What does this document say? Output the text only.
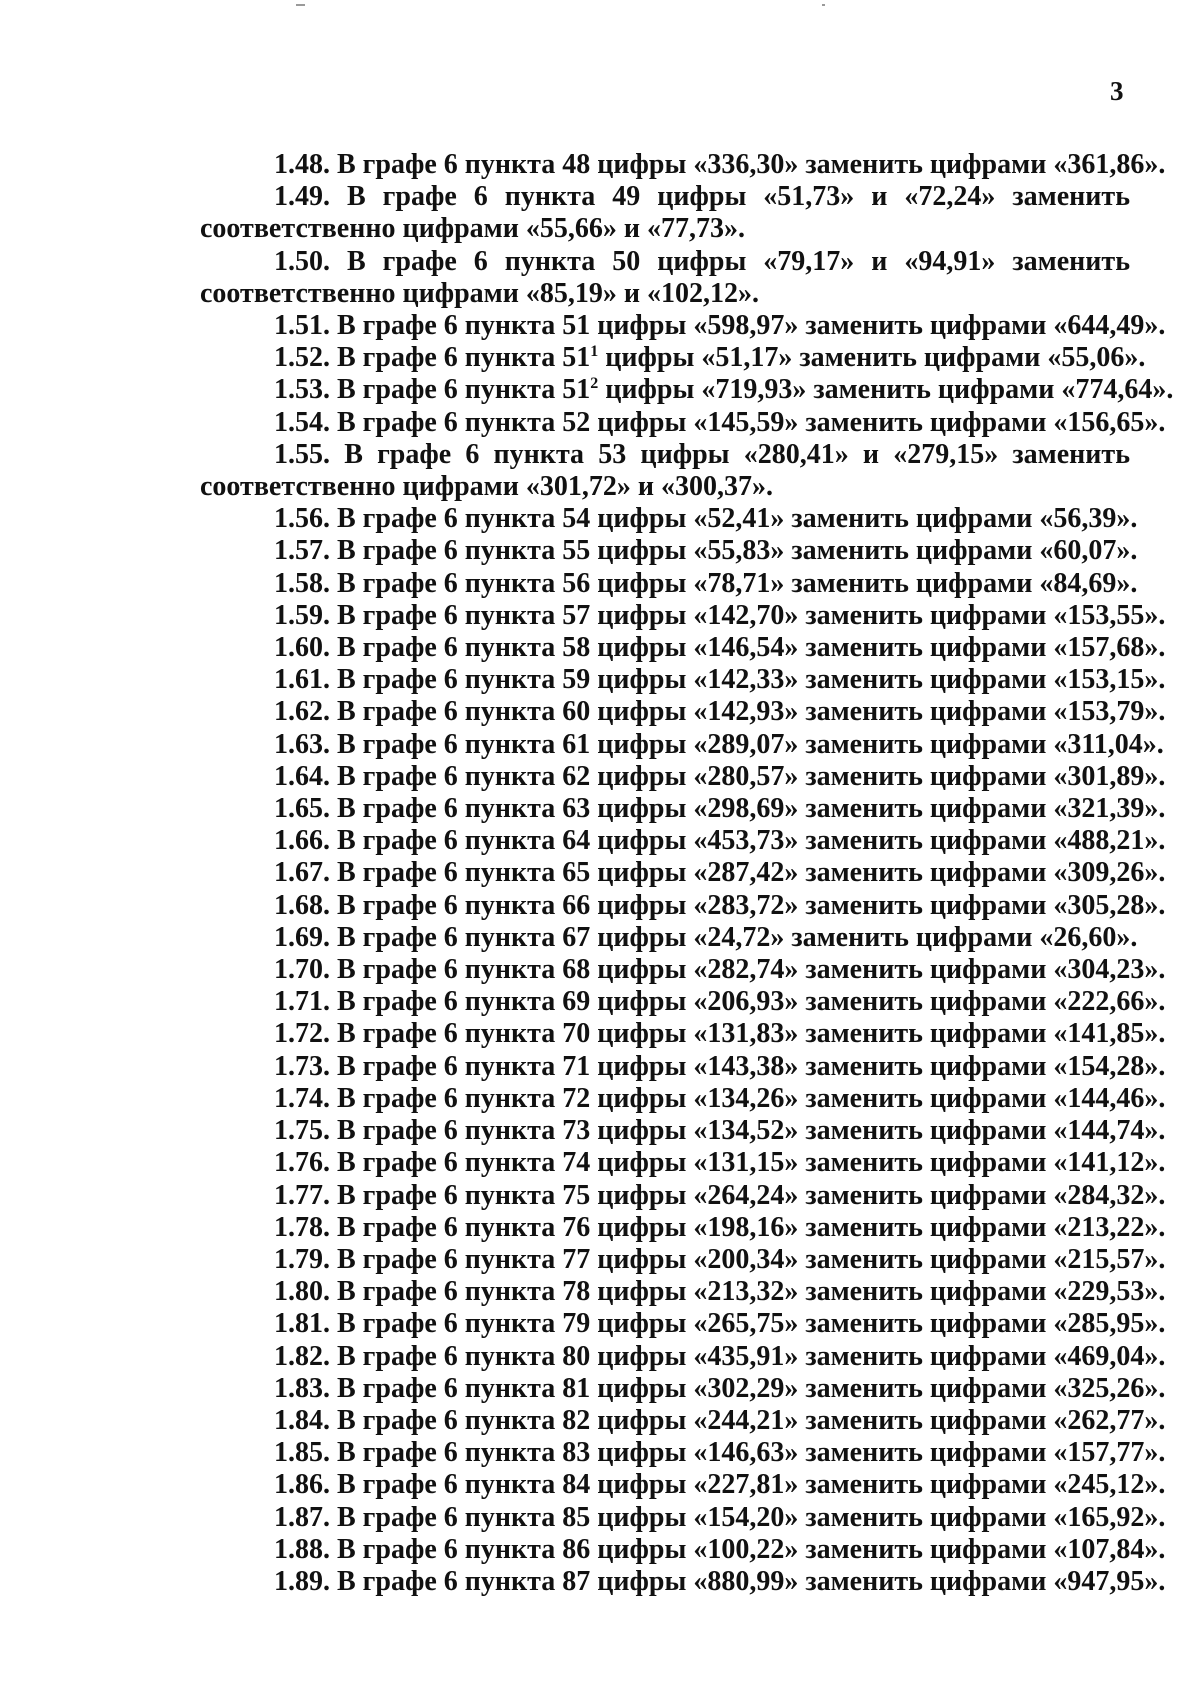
3

1.48. В графе 6 пункта 48 цифры «336,30» заменить цифрами «361,86».

1.49. В графе 6 пункта 49 цифры «51,73» и «72,24» заменить соответственно цифрами «55,66» и «77,73».

1.50. В графе 6 пункта 50 цифры «79,17» и «94,91» заменить соответственно цифрами «85,19» и «102,12».

1.51. В графе 6 пункта 51 цифры «598,97» заменить цифрами «644,49».

1.52. В графе 6 пункта $51^1$ цифры «51,17» заменить цифрами «55,06».

1.53. В графе 6 пункта $51^2$ цифры «719,93» заменить цифрами «774,64».

1.54. В графе 6 пункта 52 цифры «145,59» заменить цифрами «156,65».

1.55. В графе 6 пункта 53 цифры «280,41» и «279,15» заменить соответственно цифрами «301,72» и «300,37».

1.56. В графе 6 пункта 54 цифры «52,41» заменить цифрами «56,39».

1.57. В графе 6 пункта 55 цифры «55,83» заменить цифрами «60,07».

1.58. В графе 6 пункта 56 цифры «78,71» заменить цифрами «84,69».

1.59. В графе 6 пункта 57 цифры «142,70» заменить цифрами «153,55».

1.60. В графе 6 пункта 58 цифры «146,54» заменить цифрами «157,68».

1.61. В графе 6 пункта 59 цифры «142,33» заменить цифрами «153,15».

1.62. В графе 6 пункта 60 цифры «142,93» заменить цифрами «153,79».

1.63. В графе 6 пункта 61 цифры «289,07» заменить цифрами «311,04».

1.64. В графе 6 пункта 62 цифры «280,57» заменить цифрами «301,89».

1.65. В графе 6 пункта 63 цифры «298,69» заменить цифрами «321,39».

1.66. В графе 6 пункта 64 цифры «453,73» заменить цифрами «488,21».

1.67. В графе 6 пункта 65 цифры «287,42» заменить цифрами «309,26».

1.68. В графе 6 пункта 66 цифры «283,72» заменить цифрами «305,28».

1.69. В графе 6 пункта 67 цифры «24,72» заменить цифрами «26,60».

1.70. В графе 6 пункта 68 цифры «282,74» заменить цифрами «304,23».

1.71. В графе 6 пункта 69 цифры «206,93» заменить цифрами «222,66».

1.72. В графе 6 пункта 70 цифры «131,83» заменить цифрами «141,85».

1.73. В графе 6 пункта 71 цифры «143,38» заменить цифрами «154,28».

1.74. В графе 6 пункта 72 цифры «134,26» заменить цифрами «144,46».

1.75. В графе 6 пункта 73 цифры «134,52» заменить цифрами «144,74».

1.76. В графе 6 пункта 74 цифры «131,15» заменить цифрами «141,12».

1.77. В графе 6 пункта 75 цифры «264,24» заменить цифрами «284,32».

1.78. В графе 6 пункта 76 цифры «198,16» заменить цифрами «213,22».

1.79. В графе 6 пункта 77 цифры «200,34» заменить цифрами «215,57».

1.80. В графе 6 пункта 78 цифры «213,32» заменить цифрами «229,53».

1.81. В графе 6 пункта 79 цифры «265,75» заменить цифрами «285,95».

1.82. В графе 6 пункта 80 цифры «435,91» заменить цифрами «469,04».

1.83. В графе 6 пункта 81 цифры «302,29» заменить цифрами «325,26».

1.84. В графе 6 пункта 82 цифры «244,21» заменить цифрами «262,77».

1.85. В графе 6 пункта 83 цифры «146,63» заменить цифрами «157,77».

1.86. В графе 6 пункта 84 цифры «227,81» заменить цифрами «245,12».

1.87. В графе 6 пункта 85 цифры «154,20» заменить цифрами «165,92».

1.88. В графе 6 пункта 86 цифры «100,22» заменить цифрами «107,84».

1.89. В графе 6 пункта 87 цифры «880,99» заменить цифрами «947,95».
